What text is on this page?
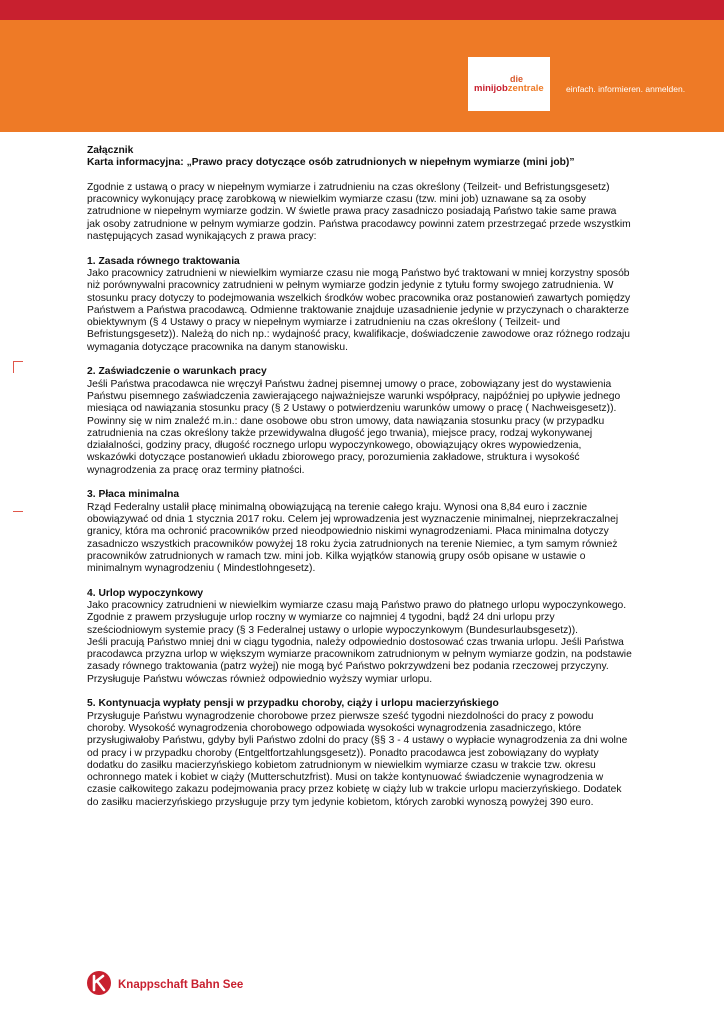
die
minijobzentrale	einfach. informieren. anmelden.

Załącznik

Karta informacyjna: „Prawo pracy dotyczące osób zatrudnionych w niepełnym wymiarze (mini job)”

Zgodnie z ustawą o pracy w niepełnym wymiarze i zatrudnieniu na czas określony (Teilzeit- und Befristungsgesetz) pracownicy wykonujący pracę zarobkową w niewielkim wymiarze czasu (tzw. mini job) uznawane są za osoby zatrudnione w niepełnym wymiarze godzin. W świetle prawa pracy zasadniczo posiadają Państwo takie same prawa jak osoby zatrudnione w pełnym wymiarze godzin. Państwa pracodawcy powinni zatem przestrzegać przede wszystkim następujących zasad wynikających z prawa pracy:

1. Zasada równego traktowania

Jako pracownicy zatrudnieni w niewielkim wymiarze czasu nie mogą Państwo być traktowani w mniej korzystny sposób niż porównywalni pracownicy zatrudnieni w pełnym wymiarze godzin jedynie z tytułu formy swojego zatrudnienia. W stosunku pracy dotyczy to podejmowania wszelkich środków wobec pracownika oraz postanowień zawartych pomiędzy Państwem a Państwa pracodawcą. Odmienne traktowanie znajduje uzasadnienie jedynie w przyczynach o charakterze obiektywnym (§ 4 Ustawy o pracy w niepełnym wymiarze i zatrudnieniu na czas określony ( Teilzeit- und Befristungsgesetz)). Należą do nich np.: wydajność pracy, kwalifikacje, doświadczenie zawodowe oraz różnego rodzaju wymagania dotyczące pracownika na danym stanowisku.

2. Zaświadczenie o warunkach pracy

Jeśli Państwa pracodawca nie wręczył Państwu żadnej pisemnej umowy o prace, zobowiązany jest do wystawienia Państwu pisemnego zaświadczenia zawierającego najważniejsze warunki współpracy, najpóźniej po upływie jednego miesiąca od nawiązania stosunku pracy (§ 2 Ustawy o potwierdzeniu warunków umowy o pracę ( Nachweisgesetz)). Powinny się w nim znaleźć m.in.: dane osobowe obu stron umowy, data nawiązania stosunku pracy (w przypadku zatrudnienia na czas określony także przewidywalna długość jego trwania), miejsce pracy, rodzaj wykonywanej działalności, godziny pracy, długość rocznego urlopu wypoczynkowego, obowiązujący okres wypowiedzenia, wskazówki dotyczące postanowień układu zbiorowego pracy, porozumienia zakładowe, struktura i wysokość wynagrodzenia za pracę oraz terminy płatności.

3. Płaca minimalna

Rząd Federalny ustalił płacę minimalną obowiązującą na terenie całego kraju. Wynosi ona 8,84 euro i zacznie obowiązywać od dnia 1 stycznia 2017 roku. Celem jej wprowadzenia jest wyznaczenie minimalnej, nieprzekraczalnej granicy, która ma ochronić pracowników przed nieodpowiednio niskimi wynagrodzeniami. Płaca minimalna dotyczy zasadniczo wszystkich pracowników powyżej 18 roku życia zatrudnionych na terenie Niemiec, a tym samym również pracowników zatrudnionych w ramach tzw. mini job. Kilka wyjątków stanowią grupy osób opisane w ustawie o minimalnym wynagrodzeniu ( Mindestlohngesetz).

4. Urlop wypoczynkowy

Jako pracownicy zatrudnieni w niewielkim wymiarze czasu mają Państwo prawo do płatnego urlopu wypoczynkowego. Zgodnie z prawem przysługuje urlop roczny w wymiarze co najmniej 4 tygodni, bądź 24 dni urlopu przy sześciodniowym systemie pracy (§ 3 Federalnej ustawy o urlopie wypoczynkowym (Bundesurlaubsgesetz)).

Jeśli pracują Państwo mniej dni w ciągu tygodnia, należy odpowiednio dostosować czas trwania urlopu. Jeśli Państwa pracodawca przyzna urlop w większym wymiarze pracownikom zatrudnionym w pełnym wymiarze godzin, na podstawie zasady równego traktowania (patrz wyżej) nie mogą być Państwo pokrzywdzeni bez podania rzeczowej przyczyny. Przysługuje Państwu wówczas również odpowiednio wyższy wymiar urlopu.

5. Kontynuacja wypłaty pensji w przypadku choroby, ciąży i urlopu macierzyńskiego

Przysługuje Państwu wynagrodzenie chorobowe przez pierwsze sześć tygodni niezdolności do pracy z powodu choroby. Wysokość wynagrodzenia chorobowego odpowiada wysokości wynagrodzenia zasadniczego, które przysługiwałoby Państwu, gdyby byli Państwo zdolni do pracy (§§ 3 - 4 ustawy o wypłacie wynagrodzenia za dni wolne od pracy i w przypadku choroby (Entgeltfortzahlungsgesetz)). Ponadto pracodawca jest zobowiązany do wypłaty dodatku do zasiłku macierzyńskiego kobietom zatrudnionym w niewielkim wymiarze czasu w trakcie tzw. okresu ochronnego matek i kobiet w ciąży (Mutterschutzfrist). Musi on także kontynuować świadczenie wynagrodzenia w czasie całkowitego zakazu podejmowania pracy przez kobietę w ciąży lub w trakcie urlopu macierzyńskiego. Dodatek do zasiłku macierzyńskiego przysługuje przy tym jedynie kobietom, których zarobki wynoszą powyżej 390 euro.

Knappschaft Bahn See
